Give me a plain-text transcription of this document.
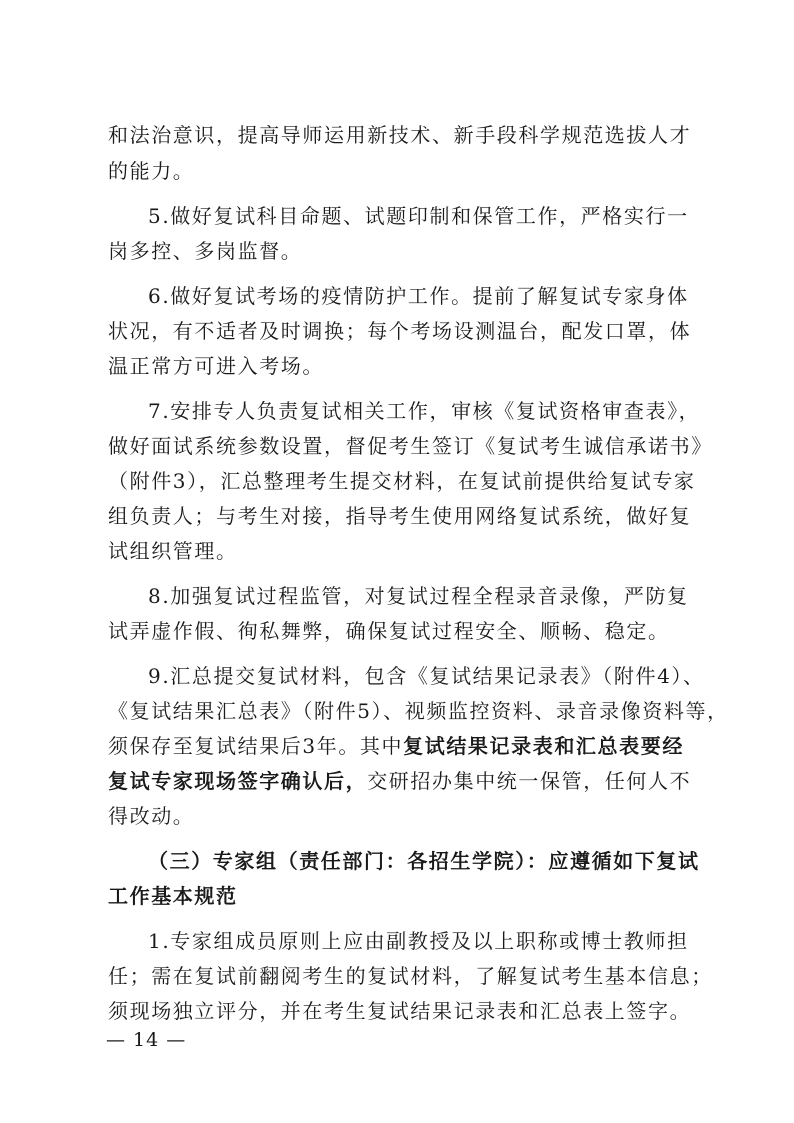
和法治意识，提高导师运用新技术、新手段科学规范选拔人才
的能力。
5.做好复试科目命题、试题印制和保管工作，严格实行一
岗多控、多岗监督。
6.做好复试考场的疫情防护工作。提前了解复试专家身体
状况，有不适者及时调换；每个考场设测温台，配发口罩，体
温正常方可进入考场。
7.安排专人负责复试相关工作，审核《复试资格审查表》，
做好面试系统参数设置，督促考生签订《复试考生诚信承诺书》
（附件3），汇总整理考生提交材料，在复试前提供给复试专家
组负责人；与考生对接，指导考生使用网络复试系统，做好复
试组织管理。
8.加强复试过程监管，对复试过程全程录音录像，严防复
试弄虚作假、徇私舞弊，确保复试过程安全、顺畅、稳定。
9.汇总提交复试材料，包含《复试结果记录表》（附件4）、
《复试结果汇总表》（附件5）、视频监控资料、录音录像资料等，
须保存至复试结果后3年。其中复试结果记录表和汇总表要经
复试专家现场签字确认后，交研招办集中统一保管，任何人不
得改动。
（三）专家组（责任部门：各招生学院）：应遵循如下复试
工作基本规范
1.专家组成员原则上应由副教授及以上职称或博士教师担
任；需在复试前翻阅考生的复试材料，了解复试考生基本信息；
须现场独立评分，并在考生复试结果记录表和汇总表上签字。
— 14 —
